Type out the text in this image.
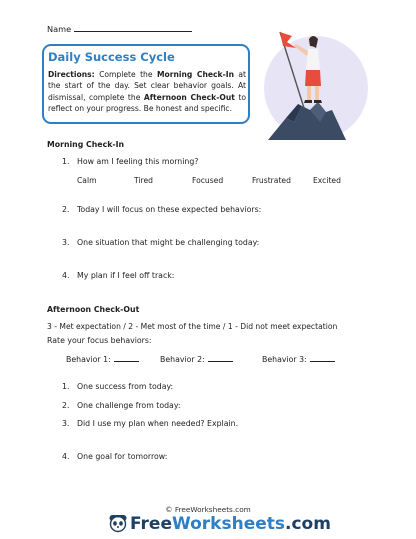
Name
Daily Success Cycle
Directions: Complete the Morning Check-In at the start of the day. Set clear behavior goals. At dismissal, complete the Afternoon Check-Out to reflect on your progress. Be honest and specific.
Morning Check-In
1. How am I feeling this morning?
Calm	Tired	Focused	Frustrated	Excited
2. Today I will focus on these expected behaviors:
3. One situation that might be challenging today:
4. My plan if I feel off track:
Afternoon Check-Out
3 - Met expectation / 2 - Met most of the time / 1 - Did not meet expectation
Rate your focus behaviors:
Behavior 1:	Behavior 2:	Behavior 3:
1. One success from today:
2. One challenge from today:
3. Did I use my plan when needed? Explain.
4. One goal for tomorrow:
© FreeWorksheets.com
FreeWorksheets.com
